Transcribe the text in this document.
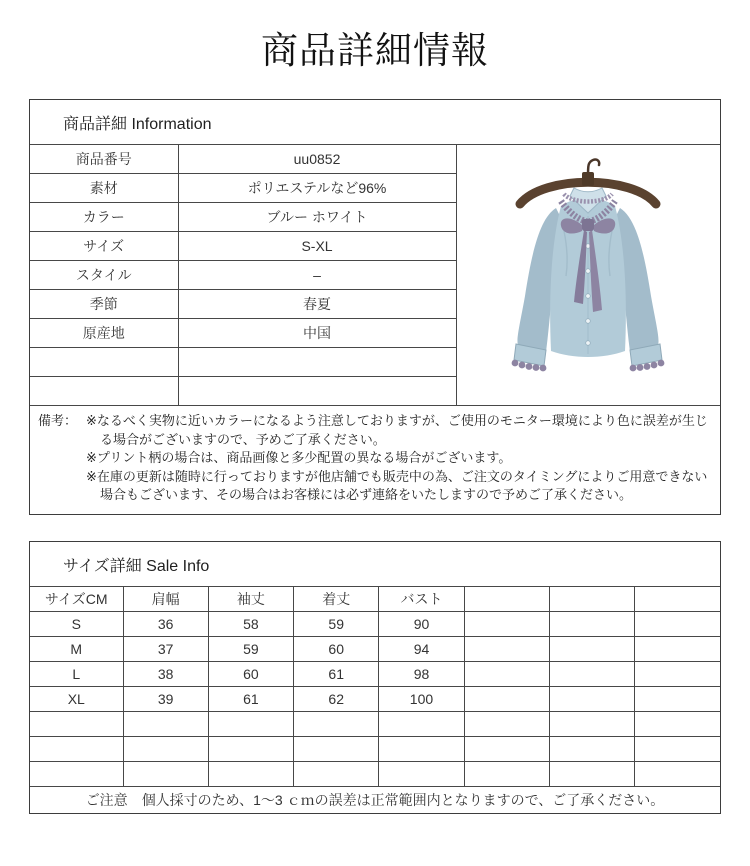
商品詳細情報
商品詳細 Information
商品番号	uu0852	

素材	ポリエステルなど96%	
カラー	ブルー ホワイト	
サイズ	S-XL	
スタイル	–	
季節	春夏	
原産地	中国	

備考： ※なるべく実物に近いカラーになるよう注意しておりますが、ご使用のモニター環境により色に誤差が生じる場合がございますので、予めご了承ください。

※プリント柄の場合は、商品画像と多少配置の異なる場合がございます。

※在庫の更新は随時に行っておりますが他店舗でも販売中の為、ご注文のタイミングによりご用意できない場合もございます、その場合はお客様には必ず連絡をいたしますので予めご了承ください。

サイズ詳細 Sale Info
サイズCM	肩幅	袖丈	着丈	バスト			
S	36	58	59	90			
M	37	59	60	94			
L	38	60	61	98			
XL	39	61	62	100			

ご注意 個人採寸のため、1～3 ｃｍの誤差は正常範囲内となりますので、ご了承ください。							
